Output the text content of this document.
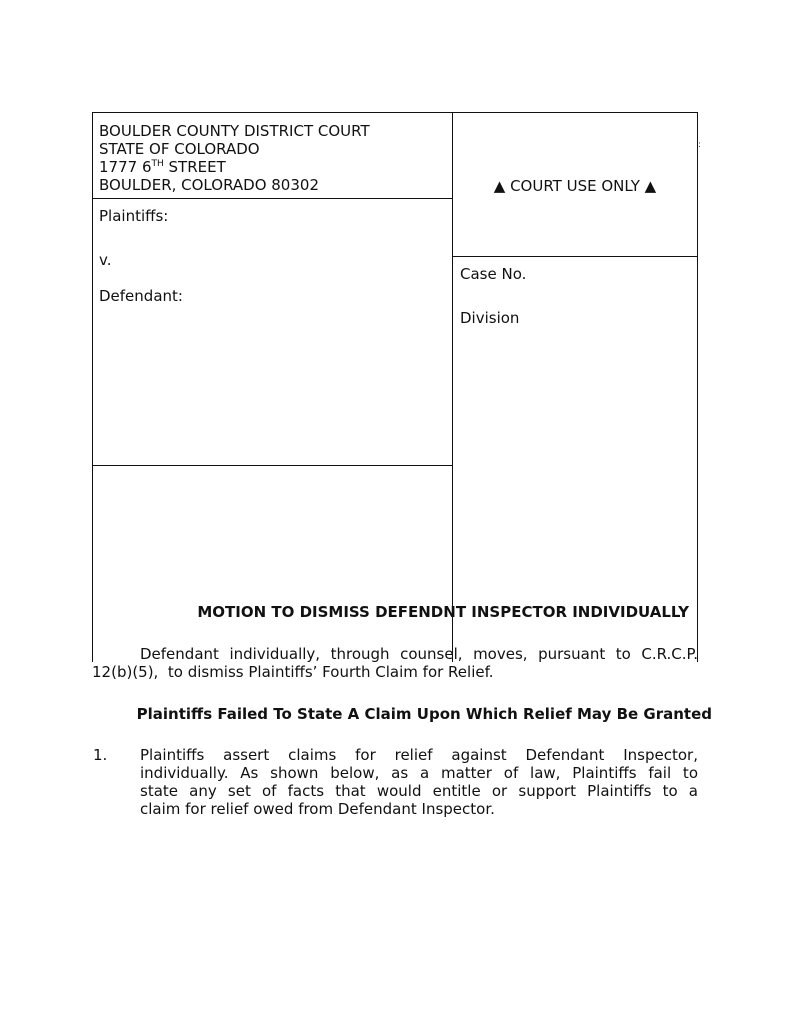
BOULDER COUNTY DISTRICT COURT
STATE OF COLORADO
1777 6TH STREET
BOULDER, COLORADO 80302
Plaintiffs:
v.
Defendant:
▲ COURT USE ONLY ▲
Case No.
Division
:
MOTION TO DISMISS DEFENDNT INSPECTOR INDIVIDUALLY
Defendant individually, through counsel, moves, pursuant to C.R.C.P.
12(b)(5),  to dismiss Plaintiffs’ Fourth Claim for Relief.
Plaintiffs Failed To State A Claim Upon Which Relief May Be Granted
1. Plaintiffs assert claims for relief against Defendant Inspector,
individually. As shown below, as a matter of law, Plaintiffs fail to
state any set of facts that would entitle or support Plaintiffs to a
claim for relief owed from Defendant Inspector.
